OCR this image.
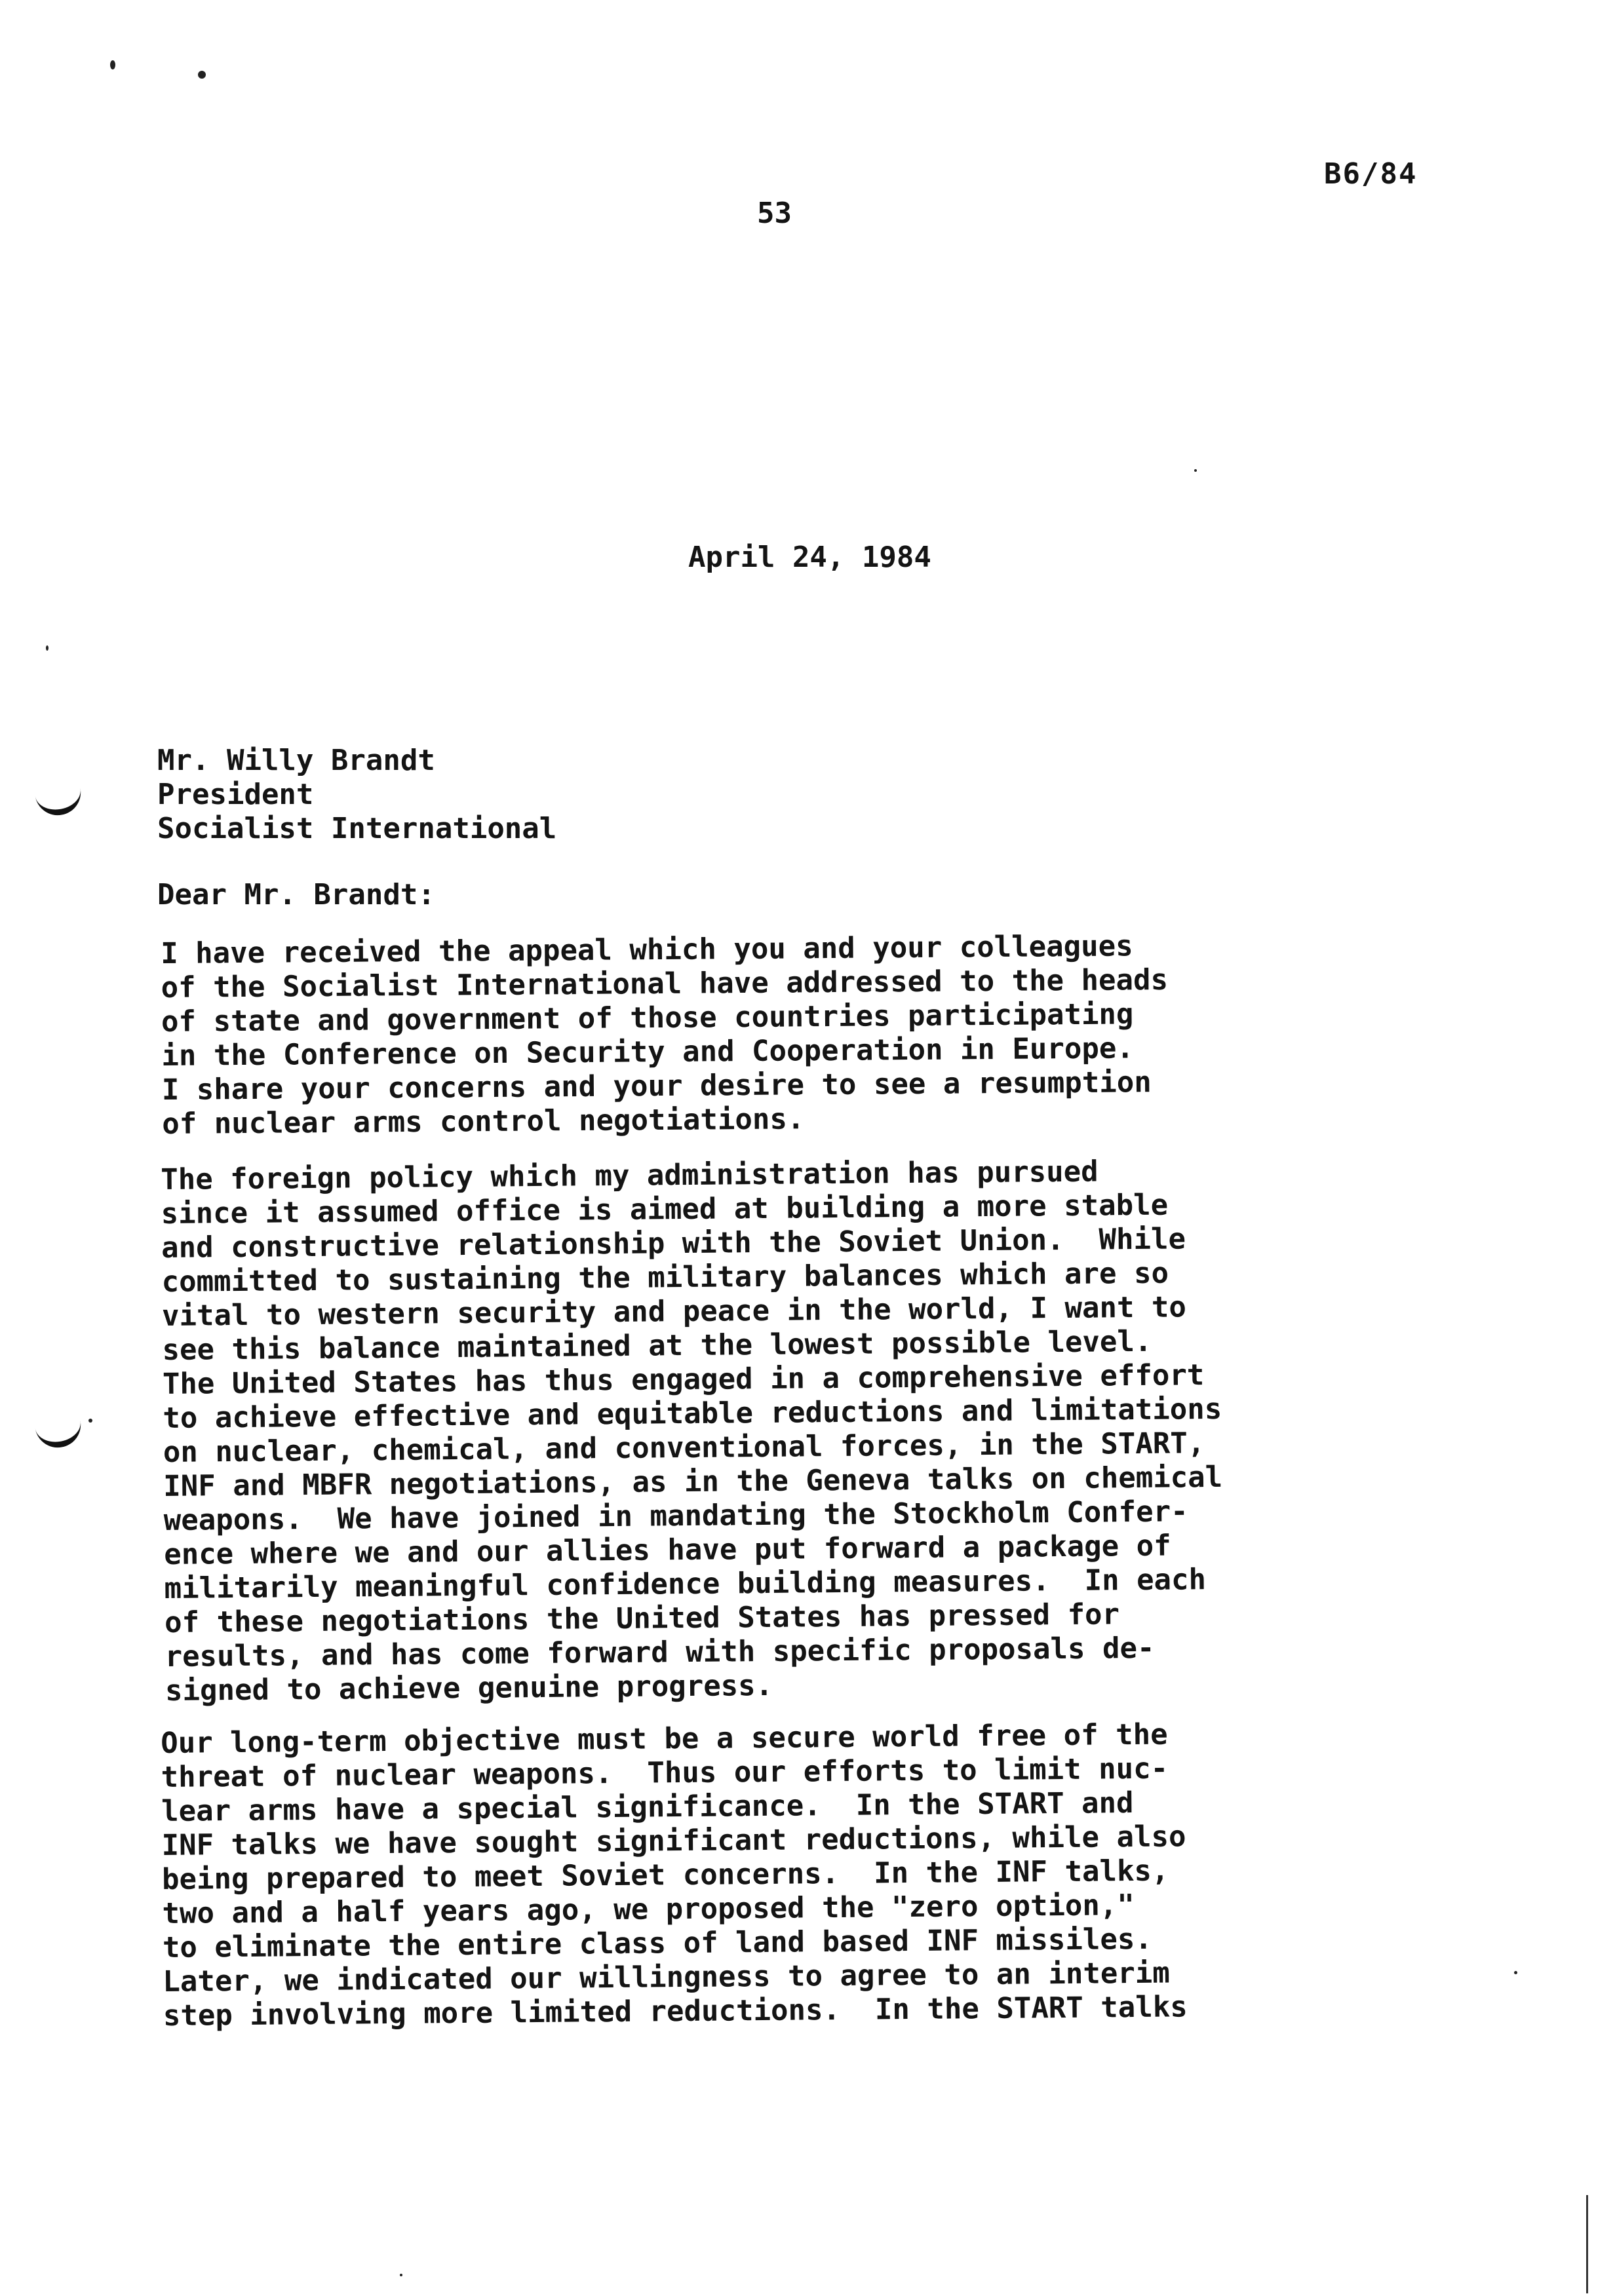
B6/84
53
April 24, 1984
Mr. Willy Brandt
President
Socialist International
Dear Mr. Brandt:
I have received the appeal which you and your colleagues
of the Socialist International have addressed to the heads
of state and government of those countries participating
in the Conference on Security and Cooperation in Europe.
I share your concerns and your desire to see a resumption
of nuclear arms control negotiations.
The foreign policy which my administration has pursued
since it assumed office is aimed at building a more stable
and constructive relationship with the Soviet Union.  While
committed to sustaining the military balances which are so
vital to western security and peace in the world, I want to
see this balance maintained at the lowest possible level.
The United States has thus engaged in a comprehensive effort
to achieve effective and equitable reductions and limitations
on nuclear, chemical, and conventional forces, in the START,
INF and MBFR negotiations, as in the Geneva talks on chemical
weapons.  We have joined in mandating the Stockholm Confer-
ence where we and our allies have put forward a package of
militarily meaningful confidence building measures.  In each
of these negotiations the United States has pressed for
results, and has come forward with specific proposals de-
signed to achieve genuine progress.
Our long-term objective must be a secure world free of the
threat of nuclear weapons.  Thus our efforts to limit nuc-
lear arms have a special significance.  In the START and
INF talks we have sought significant reductions, while also
being prepared to meet Soviet concerns.  In the INF talks,
two and a half years ago, we proposed the "zero option,"
to eliminate the entire class of land based INF missiles.
Later, we indicated our willingness to agree to an interim
step involving more limited reductions.  In the START talks
